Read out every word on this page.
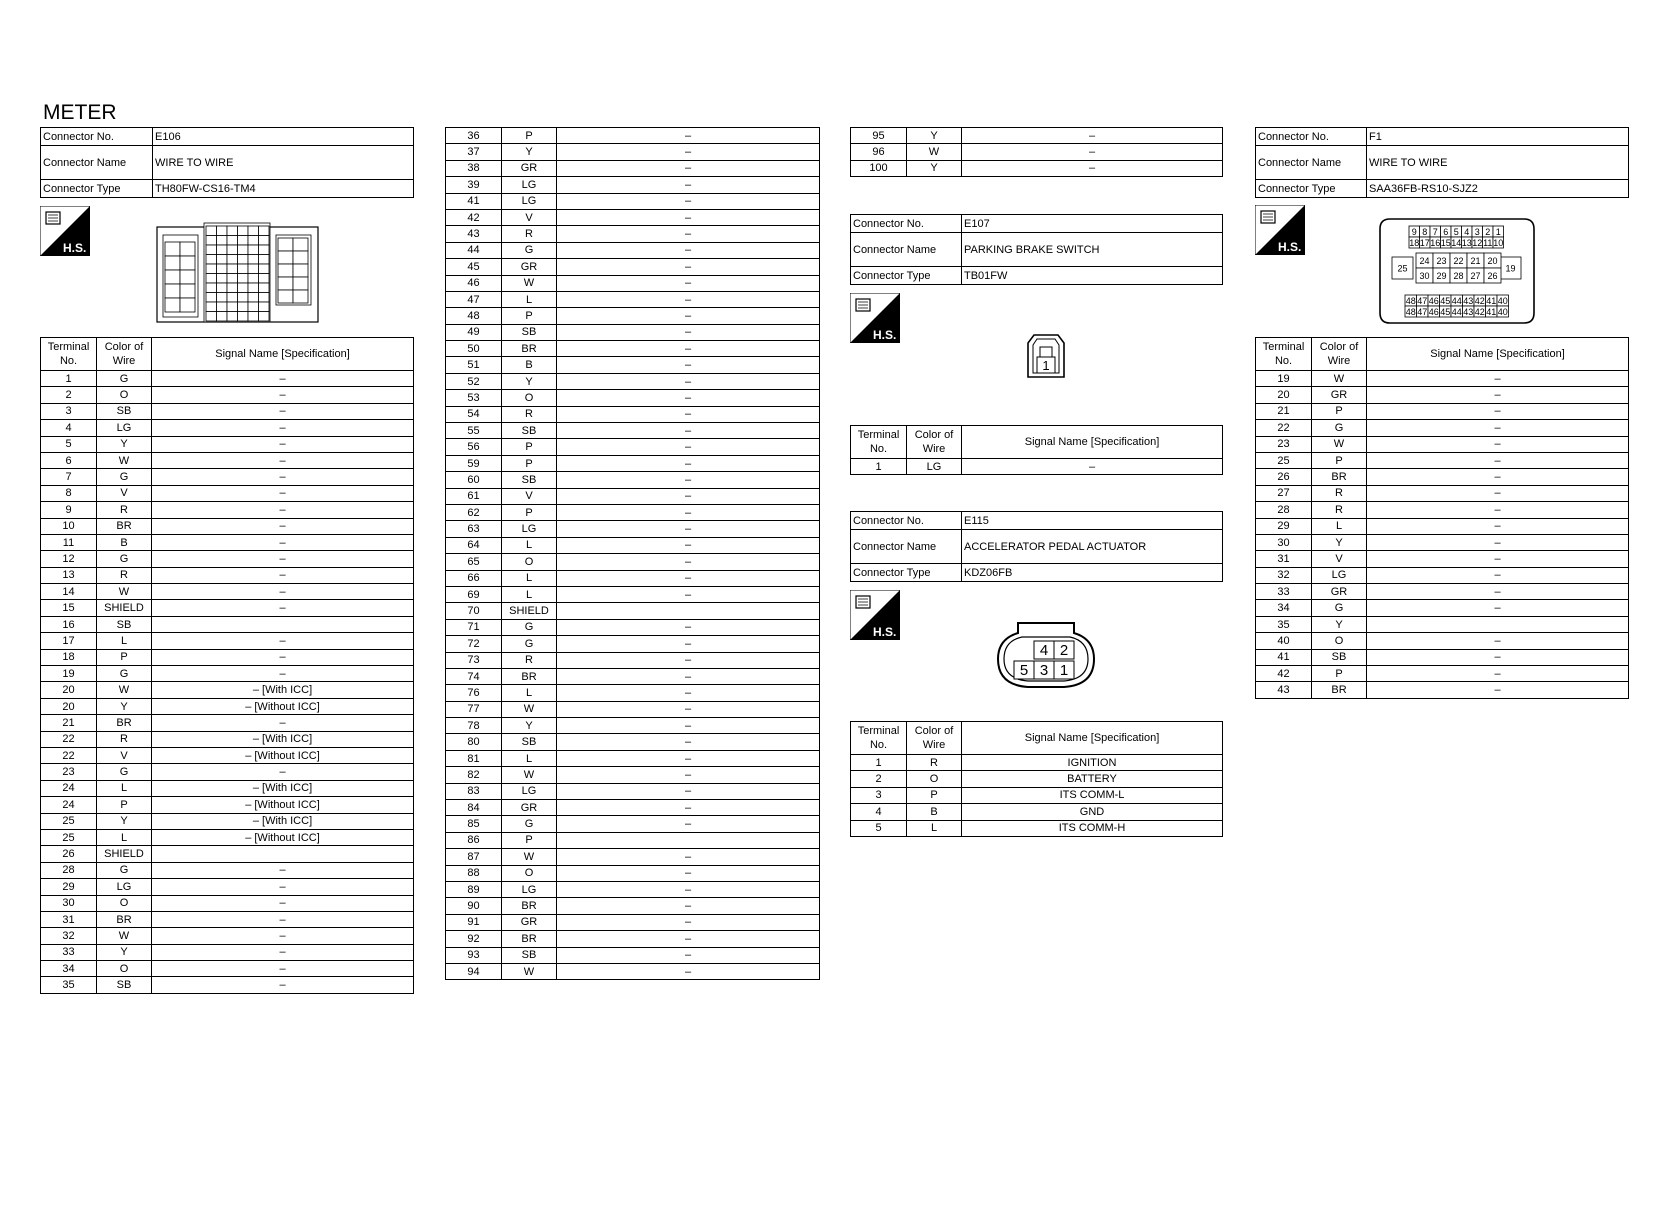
METER
Connector No.	E106
Connector Name	WIRE TO WIRE
Connector Type	TH80FW-CS16-TM4
H.S.
Terminal No.	Color of Wire	Signal Name [Specification]
1	G	–
2	O	–
3	SB	–
4	LG	–
5	Y	–
6	W	–
7	G	–
8	V	–
9	R	–
10	BR	–
11	B	–
12	G	–
13	R	–
14	W	–
15	SHIELD	–
16	SB	
17	L	–
18	P	–
19	G	–
20	W	– [With ICC]
20	Y	– [Without ICC]
21	BR	–
22	R	– [With ICC]
22	V	– [Without ICC]
23	G	–
24	L	– [With ICC]
24	P	– [Without ICC]
25	Y	– [With ICC]
25	L	– [Without ICC]
26	SHIELD	
28	G	–
29	LG	–
30	O	–
31	BR	–
32	W	–
33	Y	–
34	O	–
35	SB	–
36	P	–
37	Y	–
38	GR	–
39	LG	–
41	LG	–
42	V	–
43	R	–
44	G	–
45	GR	–
46	W	–
47	L	–
48	P	–
49	SB	–
50	BR	–
51	B	–
52	Y	–
53	O	–
54	R	–
55	SB	–
56	P	–
59	P	–
60	SB	–
61	V	–
62	P	–
63	LG	–
64	L	–
65	O	–
66	L	–
69	L	–
70	SHIELD	
71	G	–
72	G	–
73	R	–
74	BR	–
76	L	–
77	W	–
78	Y	–
80	SB	–
81	L	–
82	W	–
83	LG	–
84	GR	–
85	G	–
86	P	
87	W	–
88	O	–
89	LG	–
90	BR	–
91	GR	–
92	BR	–
93	SB	–
94	W	–
95	Y	–
96	W	–
100	Y	–
Connector No.	E107
Connector Name	PARKING BRAKE SWITCH
Connector Type	TB01FW
H.S.
1
Terminal No.	Color of Wire	Signal Name [Specification]
1	LG	–
Connector No.	E115
Connector Name	ACCELERATOR PEDAL ACTUATOR
Connector Type	KDZ06FB
H.S.
4 2
5 3 1
Terminal No.	Color of Wire	Signal Name [Specification]
1	R	IGNITION
2	O	BATTERY
3	P	ITS COMM-L
4	B	GND
5	L	ITS COMM-H
Connector No.	F1
Connector Name	WIRE TO WIRE
Connector Type	SAA36FB-RS10-SJZ2
H.S.
9 8 7 6 5 4 3 2 1
18 17 16 15 14 13 12 11 10
25	19
24 23 22 21 20
30 29 28 27 26
48 47 46 45 44 43 42 41 40
48 47 46 45 44 43 42 41 40
Terminal No.	Color of Wire	Signal Name [Specification]
19	W	–
20	GR	–
21	P	–
22	G	–
23	W	–
25	P	–
26	BR	–
27	R	–
28	R	–
29	L	–
30	Y	–
31	V	–
32	LG	–
33	GR	–
34	G	–
35	Y	
40	O	–
41	SB	–
42	P	–
43	BR	–
